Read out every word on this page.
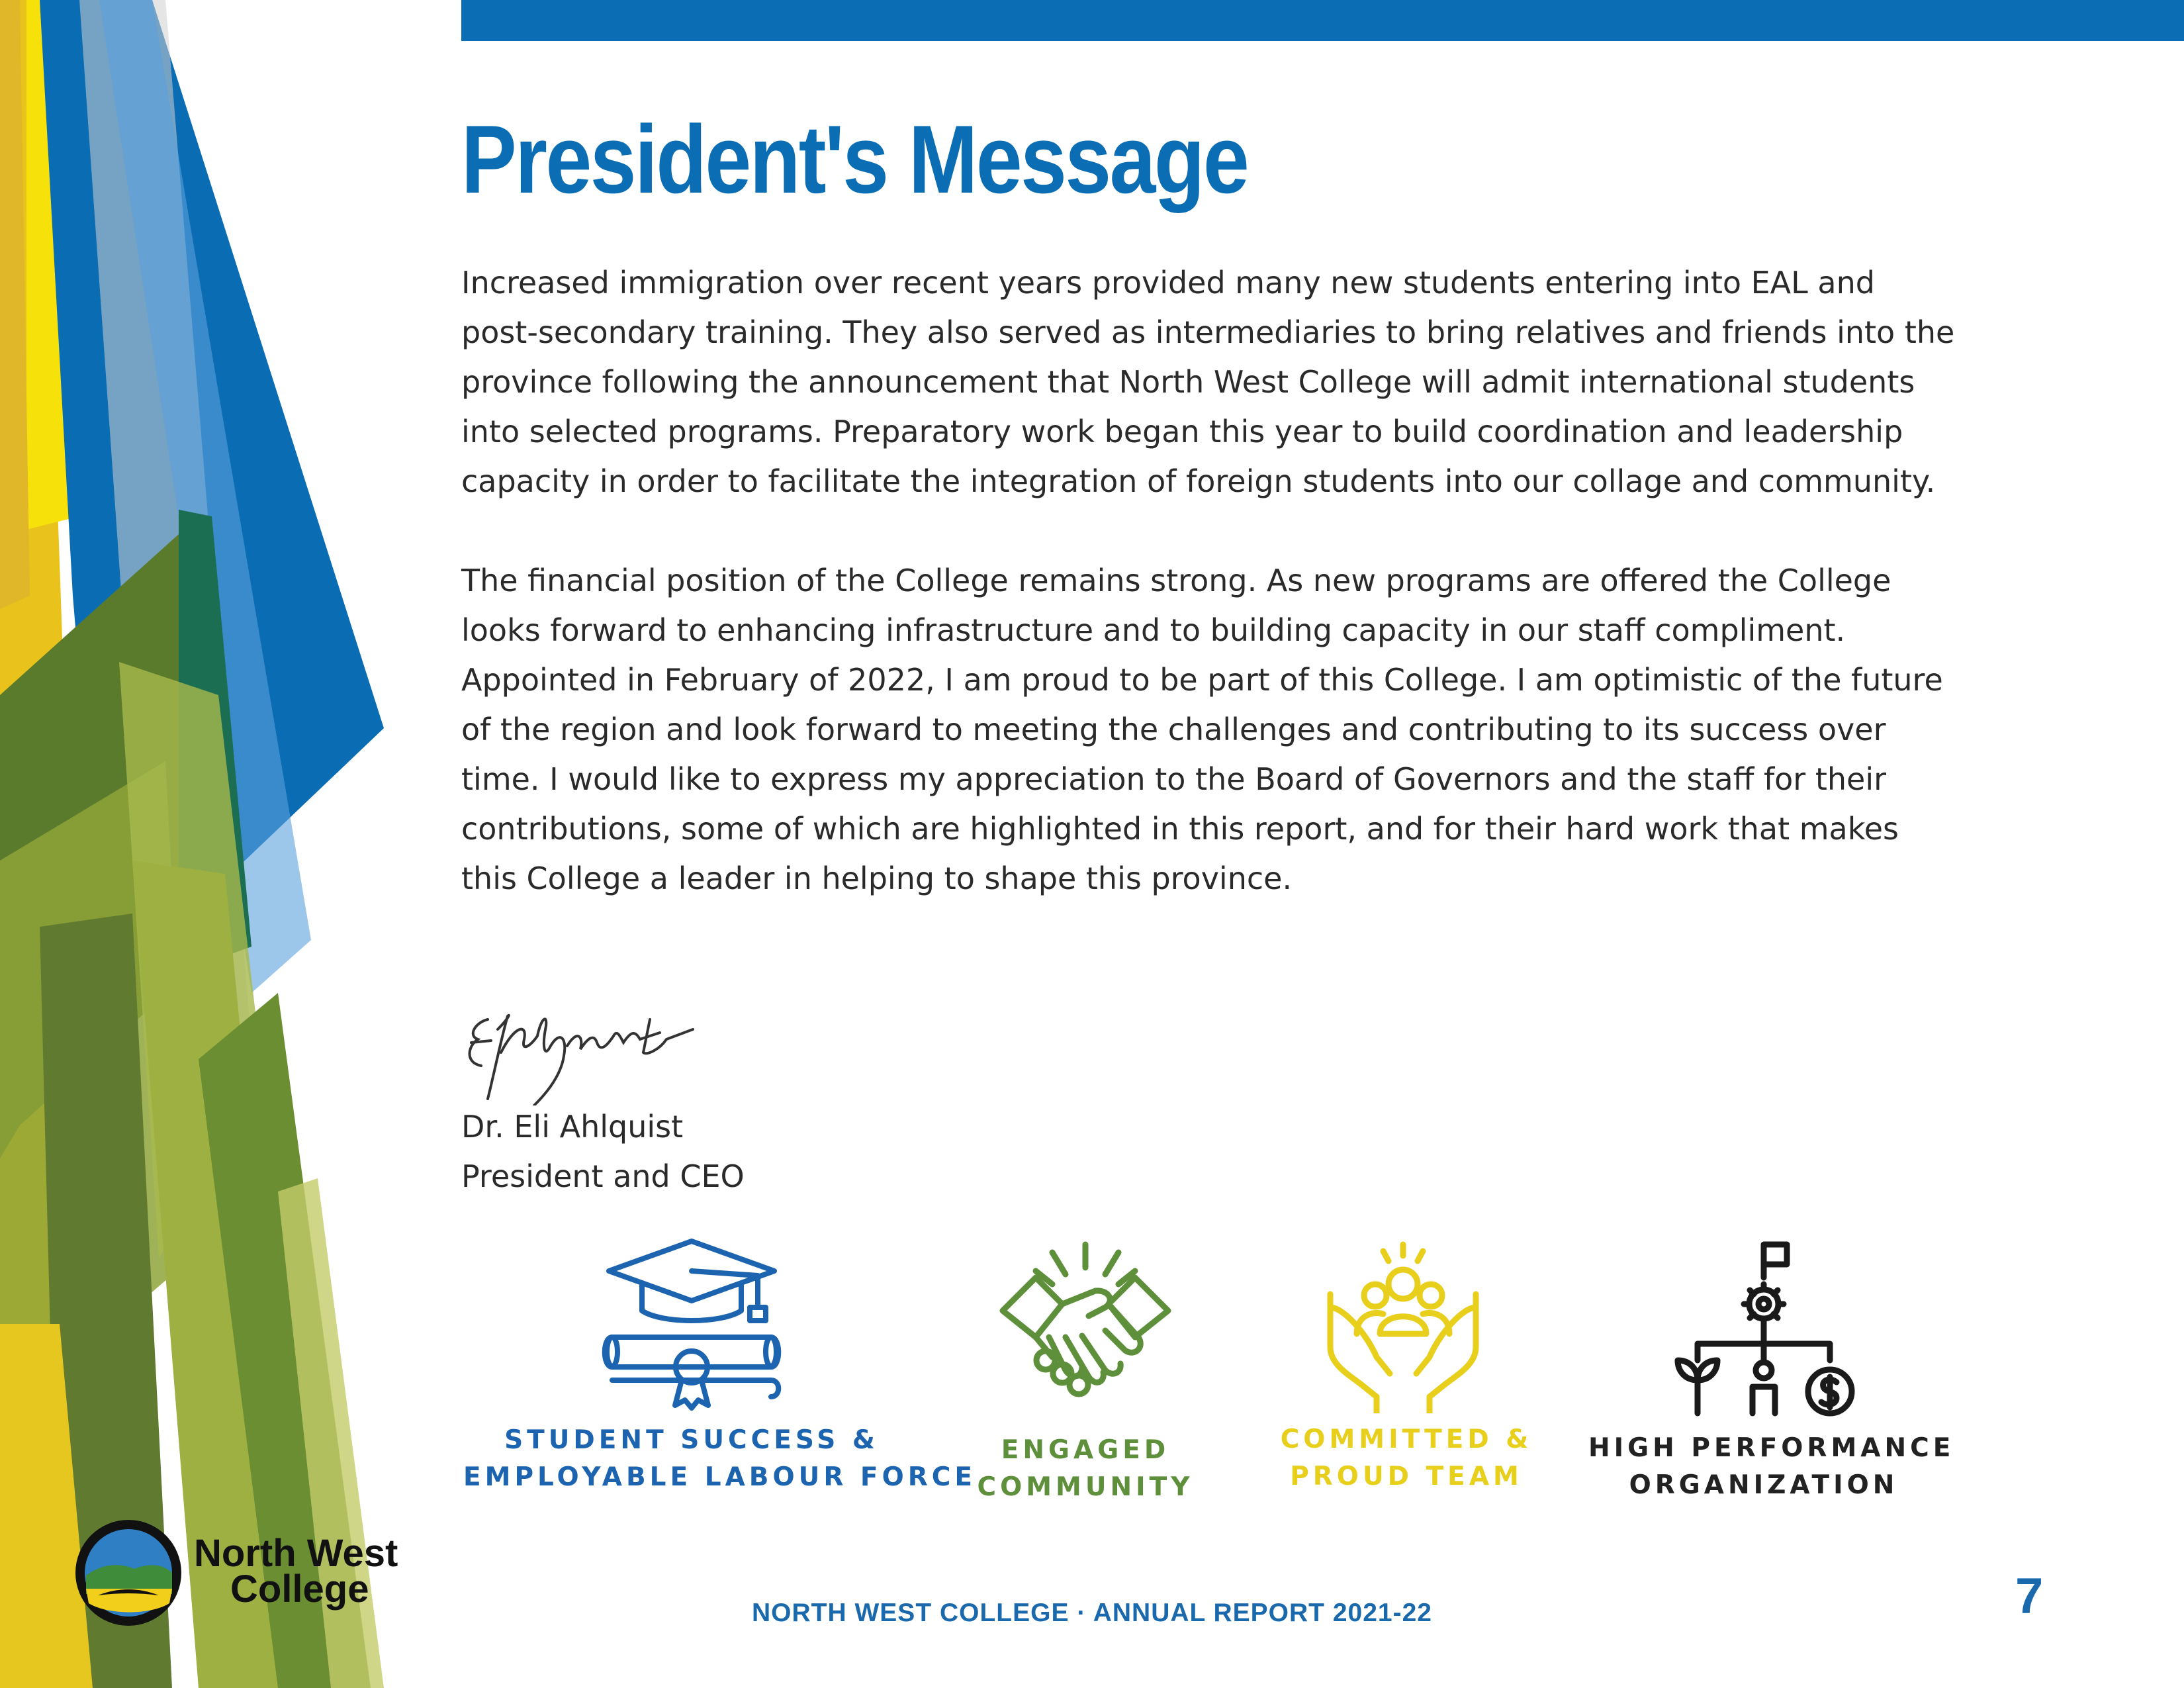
President's Message

Increased immigration over recent years provided many new students entering into EAL and post-secondary training. They also served as intermediaries to bring relatives and friends into the province following the announcement that North West College will admit international students into selected programs. Preparatory work began this year to build coordination and leadership capacity in order to facilitate the integration of foreign students into our collage and community.

The financial position of the College remains strong. As new programs are offered the College looks forward to enhancing infrastructure and to building capacity in our staff compliment. Appointed in February of 2022, I am proud to be part of this College. I am optimistic of the future of the region and look forward to meeting the challenges and contributing to its success over time. I would like to express my appreciation to the Board of Governors and the staff for their contributions, some of which are highlighted in this report, and for their hard work that makes this College a leader in helping to shape this province.

Dr. Eli Ahlquist
President and CEO
STUDENT SUCCESS &
EMPLOYABLE LABOUR FORCE
ENGAGED
COMMUNITY
COMMITTED &
PROUD TEAM
HIGH PERFORMANCE
ORGANIZATION
North West
College
NORTH WEST COLLEGE · ANNUAL REPORT 2021-22	7
